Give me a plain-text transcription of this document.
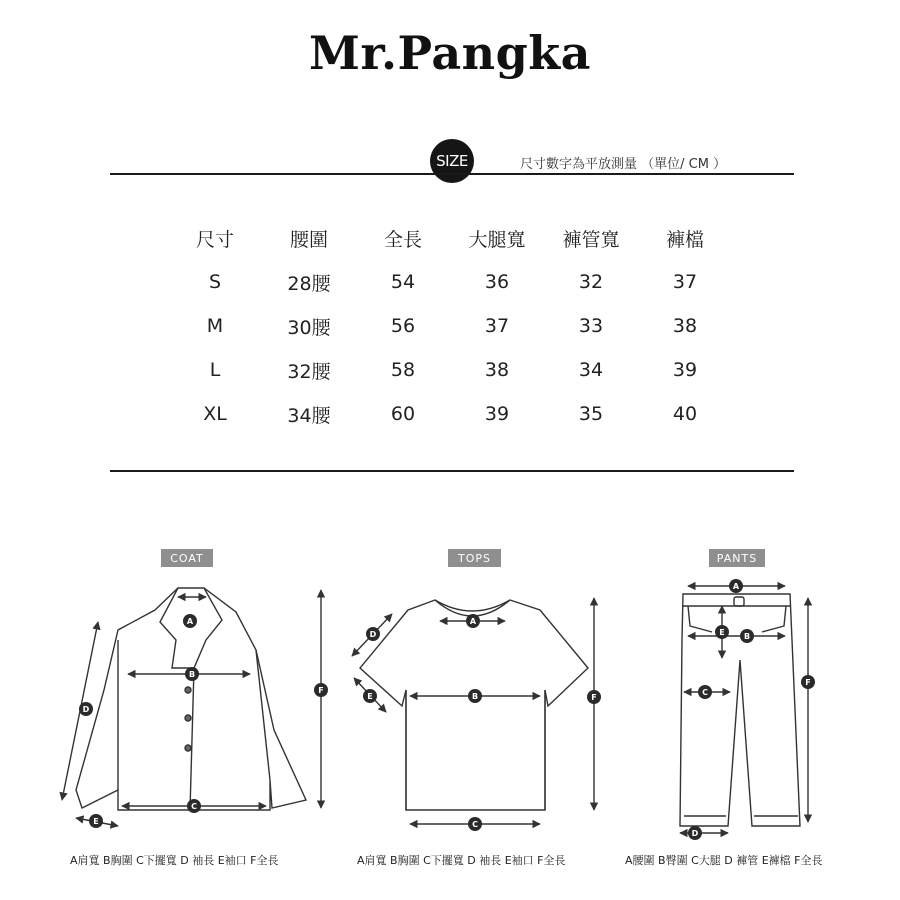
Mr.Pangka
SIZE	尺寸數字為平放測量 （單位/ CM ）
尺寸	腰圍	全長	大腿寬	褲管寬	褲檔
S	28腰	54	36	32	37
M	30腰	56	37	33	38
L	32腰	58	38	34	39
XL	34腰	60	39	35	40
COAT	TOPS	PANTS
A
B
C
D
E
F
A
B
C
D
E	F
A
B
C
D
E
F
A肩寬 B胸圍 C下擺寬 D 袖長 E袖口 F全長	A肩寬 B胸圍 C下擺寬 D 袖長 E袖口 F全長	A腰圍 B臀圍 C大腿 D 褲管 E褲檔 F全長
